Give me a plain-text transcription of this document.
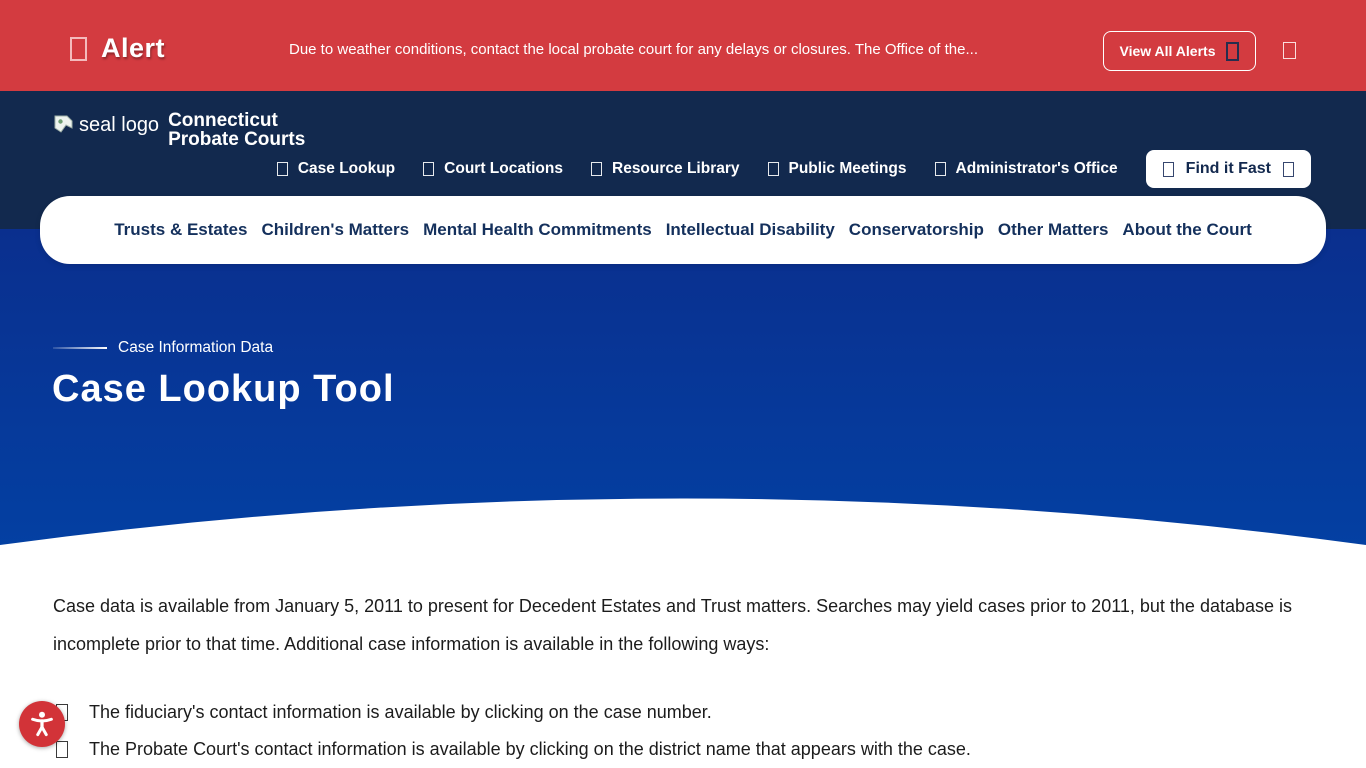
Alert	Due to weather conditions, contact the local probate court for any delays or closures. The Office of the...	View All Alerts
seal logo Connecticut
Probate Courts
Case Lookup	Court Locations	Resource Library	Public Meetings	Administrator's Office	Find it Fast
Trusts & Estates Children's Matters Mental Health Commitments Intellectual Disability Conservatorship Other Matters About the Court
Case Information Data
Case Lookup Tool

Case data is available from January 5, 2011 to present for Decedent Estates and Trust matters. Searches may yield cases prior to 2011, but the database is incomplete prior to that time. Additional case information is available in the following ways:

The fiduciary's contact information is available by clicking on the case number.
The Probate Court's contact information is available by clicking on the district name that appears with the case.
